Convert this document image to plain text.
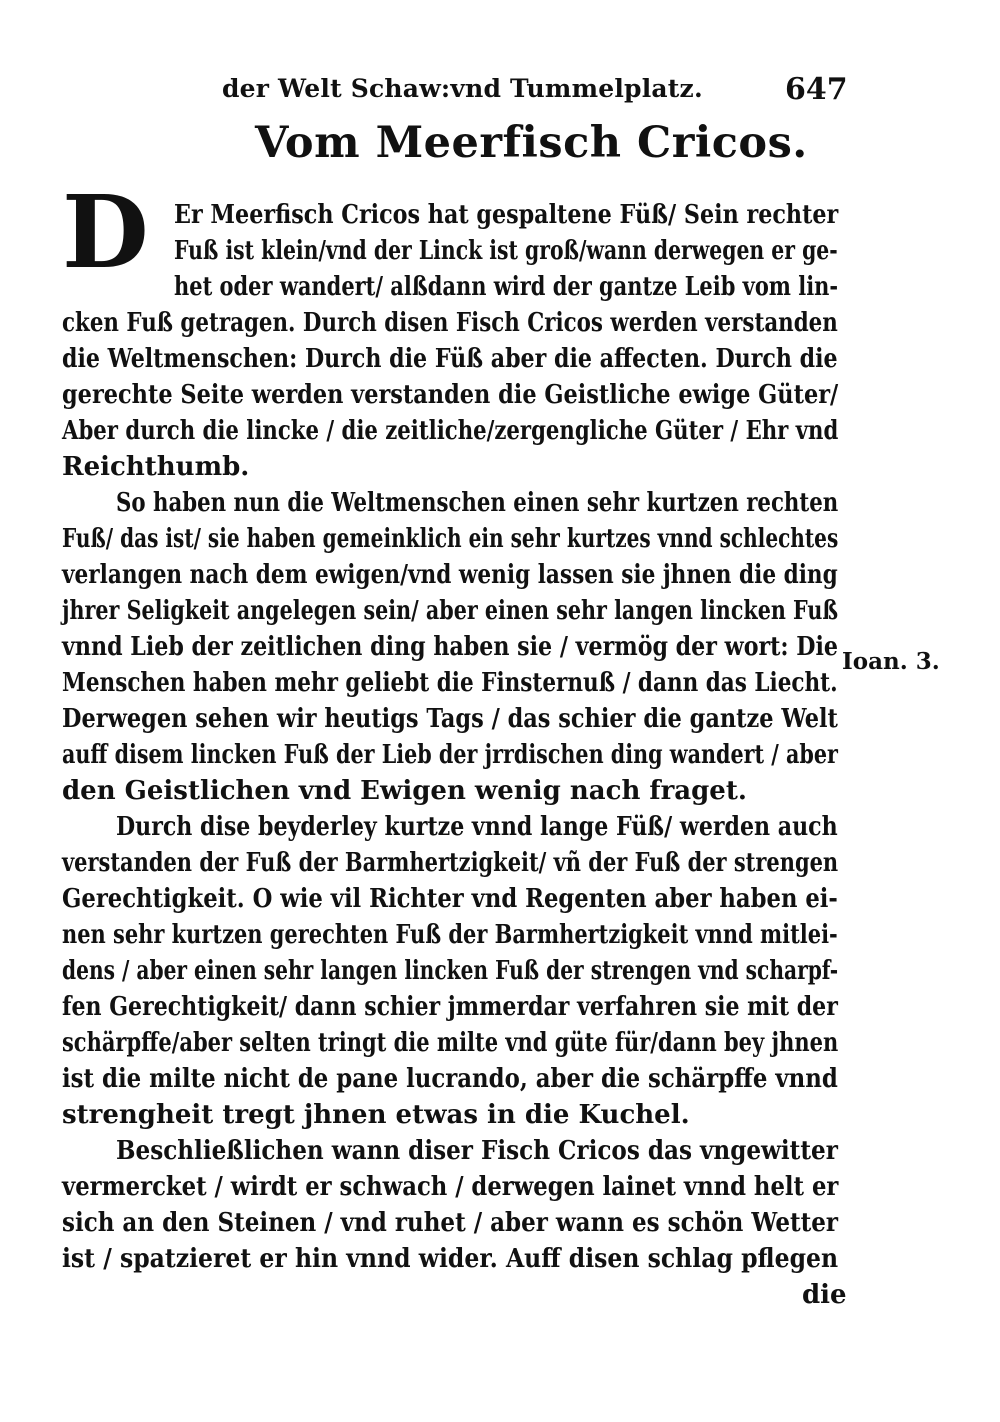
der Welt Schaw:vnd Tummelplatz.	647
Vom Meerfisch Cricos.
D Er Meerfisch Cricos hat gespaltene Füß/ Sein rechter
Fuß ist klein/vnd der Linck ist groß/wann derwegen er ge-
het oder wandert/ alßdann wird der gantze Leib vom lin-
cken Fuß getragen. Durch disen Fisch Cricos werden verstanden
die Weltmenschen: Durch die Füß aber die affecten. Durch die
gerechte Seite werden verstanden die Geistliche ewige Güter/
Aber durch die lincke / die zeitliche/zergengliche Güter / Ehr vnd
Reichthumb.
So haben nun die Weltmenschen einen sehr kurtzen rechten
Fuß/ das ist/ sie haben gemeinklich ein sehr kurtzes vnnd schlechtes
verlangen nach dem ewigen/vnd wenig lassen sie jhnen die ding
jhrer Seligkeit angelegen sein/ aber einen sehr langen lincken Fuß
vnnd Lieb der zeitlichen ding haben sie / vermög der wort: Die
Menschen haben mehr geliebt die Finsternuß / dann das Liecht.
Derwegen sehen wir heutigs Tags / das schier die gantze Welt
auff disem lincken Fuß der Lieb der jrrdischen ding wandert / aber
den Geistlichen vnd Ewigen wenig nach fraget.
Durch dise beyderley kurtze vnnd lange Füß/ werden auch
verstanden der Fuß der Barmhertzigkeit/ vñ der Fuß der strengen
Gerechtigkeit. O wie vil Richter vnd Regenten aber haben ei-
nen sehr kurtzen gerechten Fuß der Barmhertzigkeit vnnd mitlei-
dens / aber einen sehr langen lincken Fuß der strengen vnd scharpf-
fen Gerechtigkeit/ dann schier jmmerdar verfahren sie mit der
schärpffe/aber selten tringt die milte vnd güte für/dann bey jhnen
ist die milte nicht de pane lucrando, aber die schärpffe vnnd
strengheit tregt jhnen etwas in die Kuchel.
Beschließlichen wann diser Fisch Cricos das vngewitter
vermercket / wirdt er schwach / derwegen lainet vnnd helt er
sich an den Steinen / vnd ruhet / aber wann es schön Wetter
ist / spatzieret er hin vnnd wider. Auff disen schlag pflegen
die
Ioan. 3.
